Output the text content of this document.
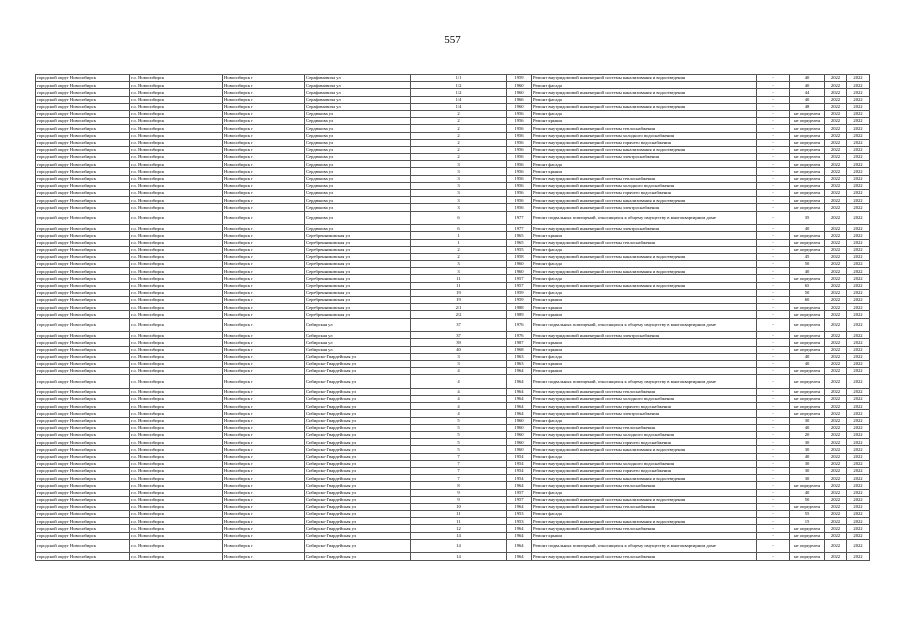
557
городской округ Новосибирск	г.о. Новосибирск	Новосибирск г	Серафимовича ул	1/1	1959	Ремонт внутридомовой инженерной системы канализования и водоотведения	-	40	2022	2022
городской округ Новосибирск	г.о. Новосибирск	Новосибирск г	Серафимовича ул	1/2	1960	Ремонт фасада	-	40	2022	2022
городской округ Новосибирск	г.о. Новосибирск	Новосибирск г	Серафимовича ул	1/2	1960	Ремонт внутридомовой инженерной системы канализования и водоотведения	-	44	2022	2022
городской округ Новосибирск	г.о. Новосибирск	Новосибирск г	Серафимовича ул	1/4	1966	Ремонт фасада	-	40	2022	2022
городской округ Новосибирск	г.о. Новосибирск	Новосибирск г	Серафимовича ул	1/4	1960	Ремонт внутридомовой инженерной системы канализования и водоотведения	-	48	2022	2022
городской округ Новосибирск	г.о. Новосибирск	Новосибирск г	Сердюкова ул	2	1956	Ремонт фасада	-	не определен	2022	2022
городской округ Новосибирск	г.о. Новосибирск	Новосибирск г	Сердюкова ул	2	1956	Ремонт крыши	-	не определен	2022	2022
городской округ Новосибирск	г.о. Новосибирск	Новосибирск г	Сердюкова ул	2	1956	Ремонт внутридомовой инженерной системы теплоснабжения	-	не определен	2022	2022
городской округ Новосибирск	г.о. Новосибирск	Новосибирск г	Сердюкова ул	2	1956	Ремонт внутридомовой инженерной системы холодного водоснабжения	-	не определен	2022	2022
городской округ Новосибирск	г.о. Новосибирск	Новосибирск г	Сердюкова ул	2	1956	Ремонт внутридомовой инженерной системы горячего водоснабжения	-	не определен	2022	2022
городской округ Новосибирск	г.о. Новосибирск	Новосибирск г	Сердюкова ул	2	1956	Ремонт внутридомовой инженерной системы канализования и водоотведения	-	не определен	2022	2022
городской округ Новосибирск	г.о. Новосибирск	Новосибирск г	Сердюкова ул	2	1956	Ремонт внутридомовой инженерной системы электроснабжения	-	не определен	2022	2022
городской округ Новосибирск	г.о. Новосибирск	Новосибирск г	Сердюкова ул	3	1956	Ремонт фасада	-	не определен	2022	2022
городской округ Новосибирск	г.о. Новосибирск	Новосибирск г	Сердюкова ул	3	1956	Ремонт крыши	-	не определен	2022	2022
городской округ Новосибирск	г.о. Новосибирск	Новосибирск г	Сердюкова ул	3	1956	Ремонт внутридомовой инженерной системы теплоснабжения	-	не определен	2022	2022
городской округ Новосибирск	г.о. Новосибирск	Новосибирск г	Сердюкова ул	3	1956	Ремонт внутридомовой инженерной системы холодного водоснабжения	-	не определен	2022	2022
городской округ Новосибирск	г.о. Новосибирск	Новосибирск г	Сердюкова ул	3	1956	Ремонт внутридомовой инженерной системы горячего водоснабжения	-	не определен	2022	2022
городской округ Новосибирск	г.о. Новосибирск	Новосибирск г	Сердюкова ул	3	1956	Ремонт внутридомовой инженерной системы канализования и водоотведения	-	не определен	2022	2022
городской округ Новосибирск	г.о. Новосибирск	Новосибирск г	Сердюкова ул	3	1956	Ремонт внутридомовой инженерной системы электроснабжения	-	не определен	2022	2022
городской округ Новосибирск	г.о. Новосибирск	Новосибирск г	Сердюкова ул	6	1977	Ремонт подвальных помещений, относящихся к общему имуществу в многоквартирном доме	-	35	2022	2022
городской округ Новосибирск	г.о. Новосибирск	Новосибирск г	Сердюкова ул	6	1977	Ремонт внутридомовой инженерной системы электроснабжения	-	40	2022	2022
городской округ Новосибирск	г.о. Новосибирск	Новосибирск г	Серебренниковская ул	1	1965	Ремонт крыши	-	не определен	2022	2022
городской округ Новосибирск	г.о. Новосибирск	Новосибирск г	Серебренниковская ул	1	1965	Ремонт внутридомовой инженерной системы теплоснабжения	-	не определен	2022	2022
городской округ Новосибирск	г.о. Новосибирск	Новосибирск г	Серебренниковская ул	2	1955	Ремонт фасада	-	не определен	2022	2022
городской округ Новосибирск	г.о. Новосибирск	Новосибирск г	Серебренниковская ул	2	1958	Ремонт внутридомовой инженерной системы канализования и водоотведения	-	45	2022	2022
городской округ Новосибирск	г.о. Новосибирск	Новосибирск г	Серебренниковская ул	3	1960	Ремонт фасада	-	50	2022	2022
городской округ Новосибирск	г.о. Новосибирск	Новосибирск г	Серебренниковская ул	3	1960	Ремонт внутридомовой инженерной системы канализования и водоотведения	-	40	2022	2022
городской округ Новосибирск	г.о. Новосибирск	Новосибирск г	Серебренниковская ул	11	1957	Ремонт фасада	-	не определен	2022	2022
городской округ Новосибирск	г.о. Новосибирск	Новосибирск г	Серебренниковская ул	11	1957	Ремонт внутридомовой инженерной системы канализования и водоотведения	-	65	2022	2022
городской округ Новосибирск	г.о. Новосибирск	Новосибирск г	Серебренниковская ул	19	1959	Ремонт фасада	-	50	2022	2022
городской округ Новосибирск	г.о. Новосибирск	Новосибирск г	Серебренниковская ул	19	1959	Ремонт крыши	-	60	2022	2022
городской округ Новосибирск	г.о. Новосибирск	Новосибирск г	Серебренниковская ул	2/1	1988	Ремонт крыши	-	не определен	2022	2022
городской округ Новосибирск	г.о. Новосибирск	Новосибирск г	Серебренниковская ул	2/2	1989	Ремонт крыши	-	не определен	2022	2022
городской округ Новосибирск	г.о. Новосибирск	Новосибирск г	Сибирская ул	37	1976	Ремонт подвальных помещений, относящихся к общему имуществу в многоквартирном доме	-	не определен	2022	2022
городской округ Новосибирск	г.о. Новосибирск	Новосибирск г	Сибирская ул	37	1976	Ремонт внутридомовой инженерной системы электроснабжения	-	не определен	2022	2022
городской округ Новосибирск	г.о. Новосибирск	Новосибирск г	Сибирская ул	39	1987	Ремонт крыши	-	не определен	2022	2022
городской округ Новосибирск	г.о. Новосибирск	Новосибирск г	Сибирская ул	40	1968	Ремонт крыши	-	не определен	2022	2022
городской округ Новосибирск	г.о. Новосибирск	Новосибирск г	Сибирско-Гвардейская ул	3	1963	Ремонт фасада	-	40	2022	2022
городской округ Новосибирск	г.о. Новосибирск	Новосибирск г	Сибирско-Гвардейская ул	3	1963	Ремонт крыши	-	40	2022	2022
городской округ Новосибирск	г.о. Новосибирск	Новосибирск г	Сибирско-Гвардейская ул	4	1964	Ремонт крыши	-	не определен	2022	2022
городской округ Новосибирск	г.о. Новосибирск	Новосибирск г	Сибирско-Гвардейская ул	4	1964	Ремонт подвальных помещений, относящихся к общему имуществу в многоквартирном доме	-	не определен	2022	2022
городской округ Новосибирск	г.о. Новосибирск	Новосибирск г	Сибирско-Гвардейская ул	4	1964	Ремонт внутридомовой инженерной системы теплоснабжения	-	не определен	2022	2022
городской округ Новосибирск	г.о. Новосибирск	Новосибирск г	Сибирско-Гвардейская ул	4	1964	Ремонт внутридомовой инженерной системы холодного водоснабжения	-	не определен	2022	2022
городской округ Новосибирск	г.о. Новосибирск	Новосибирск г	Сибирско-Гвардейская ул	4	1964	Ремонт внутридомовой инженерной системы горячего водоснабжения	-	не определен	2022	2022
городской округ Новосибирск	г.о. Новосибирск	Новосибирск г	Сибирско-Гвардейская ул	4	1964	Ремонт внутридомовой инженерной системы электроснабжения	-	не определен	2022	2022
городской округ Новосибирск	г.о. Новосибирск	Новосибирск г	Сибирско-Гвардейская ул	5	1960	Ремонт фасада	-	30	2022	2022
городской округ Новосибирск	г.о. Новосибирск	Новосибирск г	Сибирско-Гвардейская ул	5	1960	Ремонт внутридомовой инженерной системы теплоснабжения	-	40	2022	2022
городской округ Новосибирск	г.о. Новосибирск	Новосибирск г	Сибирско-Гвардейская ул	5	1960	Ремонт внутридомовой инженерной системы холодного водоснабжения	-	20	2022	2022
городской округ Новосибирск	г.о. Новосибирск	Новосибирск г	Сибирско-Гвардейская ул	5	1960	Ремонт внутридомовой инженерной системы горячего водоснабжения	-	30	2022	2022
городской округ Новосибирск	г.о. Новосибирск	Новосибирск г	Сибирско-Гвардейская ул	5	1960	Ремонт внутридомовой инженерной системы канализования и водоотведения	-	30	2022	2022
городской округ Новосибирск	г.о. Новосибирск	Новосибирск г	Сибирско-Гвардейская ул	7	1954	Ремонт фасада	-	40	2022	2022
городской округ Новосибирск	г.о. Новосибирск	Новосибирск г	Сибирско-Гвардейская ул	7	1954	Ремонт внутридомовой инженерной системы холодного водоснабжения	-	30	2022	2022
городской округ Новосибирск	г.о. Новосибирск	Новосибирск г	Сибирско-Гвардейская ул	7	1954	Ремонт внутридомовой инженерной системы горячего водоснабжения	-	30	2022	2022
городской округ Новосибирск	г.о. Новосибирск	Новосибирск г	Сибирско-Гвардейская ул	7	1954	Ремонт внутридомовой инженерной системы канализования и водоотведения	-	30	2022	2022
городской округ Новосибирск	г.о. Новосибирск	Новосибирск г	Сибирско-Гвардейская ул	8	1964	Ремонт внутридомовой инженерной системы теплоснабжения	-	не определен	2022	2022
городской округ Новосибирск	г.о. Новосибирск	Новосибирск г	Сибирско-Гвардейская ул	9	1957	Ремонт фасада	-	40	2022	2022
городской округ Новосибирск	г.о. Новосибирск	Новосибирск г	Сибирско-Гвардейская ул	9	1957	Ремонт внутридомовой инженерной системы канализования и водоотведения	-	50	2022	2022
городской округ Новосибирск	г.о. Новосибирск	Новосибирск г	Сибирско-Гвардейская ул	10	1964	Ремонт внутридомовой инженерной системы теплоснабжения	-	не определен	2022	2022
городской округ Новосибирск	г.о. Новосибирск	Новосибирск г	Сибирско-Гвардейская ул	11	1953	Ремонт фасада	-	55	2022	2022
городской округ Новосибирск	г.о. Новосибирск	Новосибирск г	Сибирско-Гвардейская ул	11	1953	Ремонт внутридомовой инженерной системы канализования и водоотведения	-	15	2022	2022
городской округ Новосибирск	г.о. Новосибирск	Новосибирск г	Сибирско-Гвардейская ул	12	1964	Ремонт внутридомовой инженерной системы теплоснабжения	-	не определен	2022	2022
городской округ Новосибирск	г.о. Новосибирск	Новосибирск г	Сибирско-Гвардейская ул	14	1964	Ремонт крыши	-	не определен	2022	2022
городской округ Новосибирск	г.о. Новосибирск	Новосибирск г	Сибирско-Гвардейская ул	14	1964	Ремонт подвальных помещений, относящихся к общему имуществу в многоквартирном доме	-	не определен	2022	2022
городской округ Новосибирск	г.о. Новосибирск	Новосибирск г	Сибирско-Гвардейская ул	14	1964	Ремонт внутридомовой инженерной системы теплоснабжения	-	не определен	2022	2022
